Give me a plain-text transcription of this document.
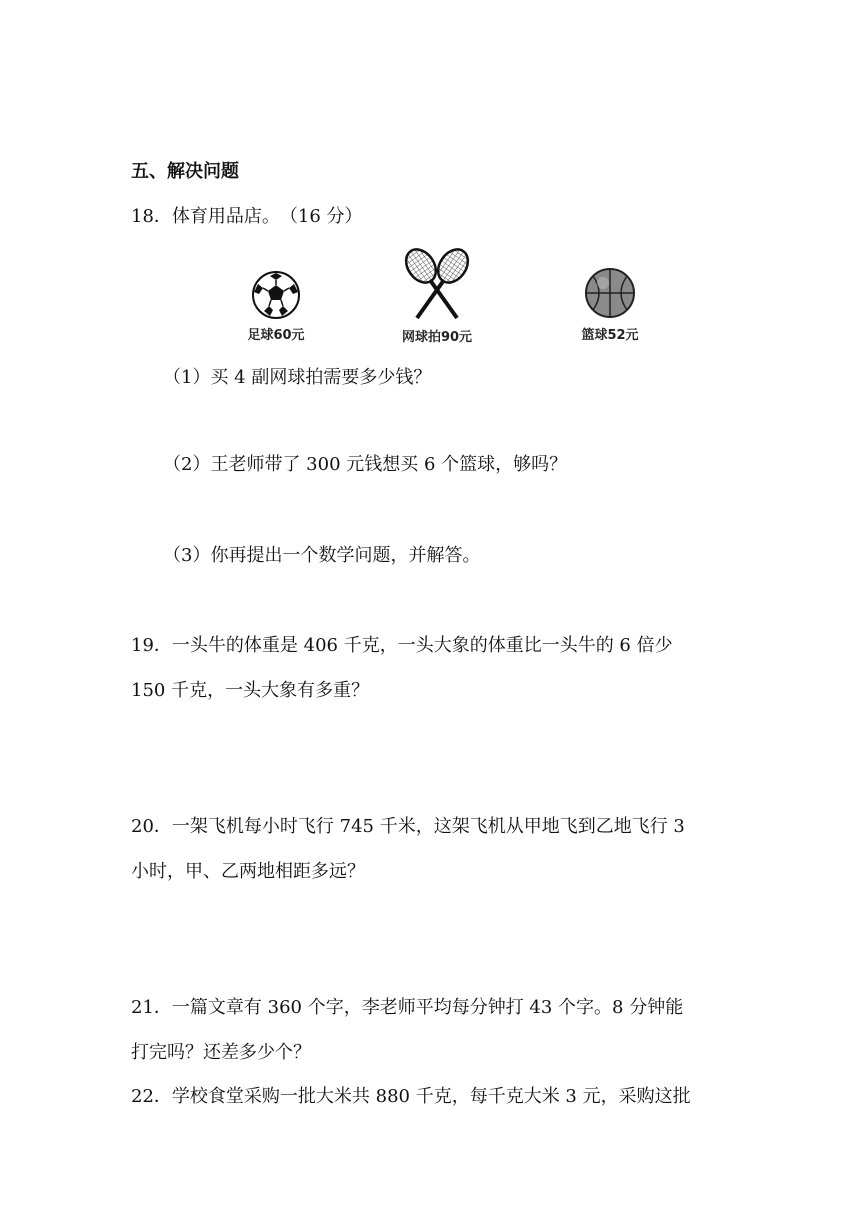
五、解决问题
18．体育用品店。　（16 分）
足球60元	网球拍90元	篮球52元
（1）买 4 副网球拍需要多少钱？
（2）王老师带了 300 元钱想买 6 个篮球，够吗？
（3）你再提出一个数学问题，并解答。
19．一头牛的体重是 406 千克，一头大象的体重比一头牛的 6 倍少
150 千克，一头大象有多重？
20．一架飞机每小时飞行 745 千米，这架飞机从甲地飞到乙地飞行 3
小时，甲、乙两地相距多远？
21．一篇文章有 360 个字，李老师平均每分钟打 43 个字。8 分钟能
打完吗？还差多少个？
22．学校食堂采购一批大米共 880 千克，每千克大米 3 元，采购这批
